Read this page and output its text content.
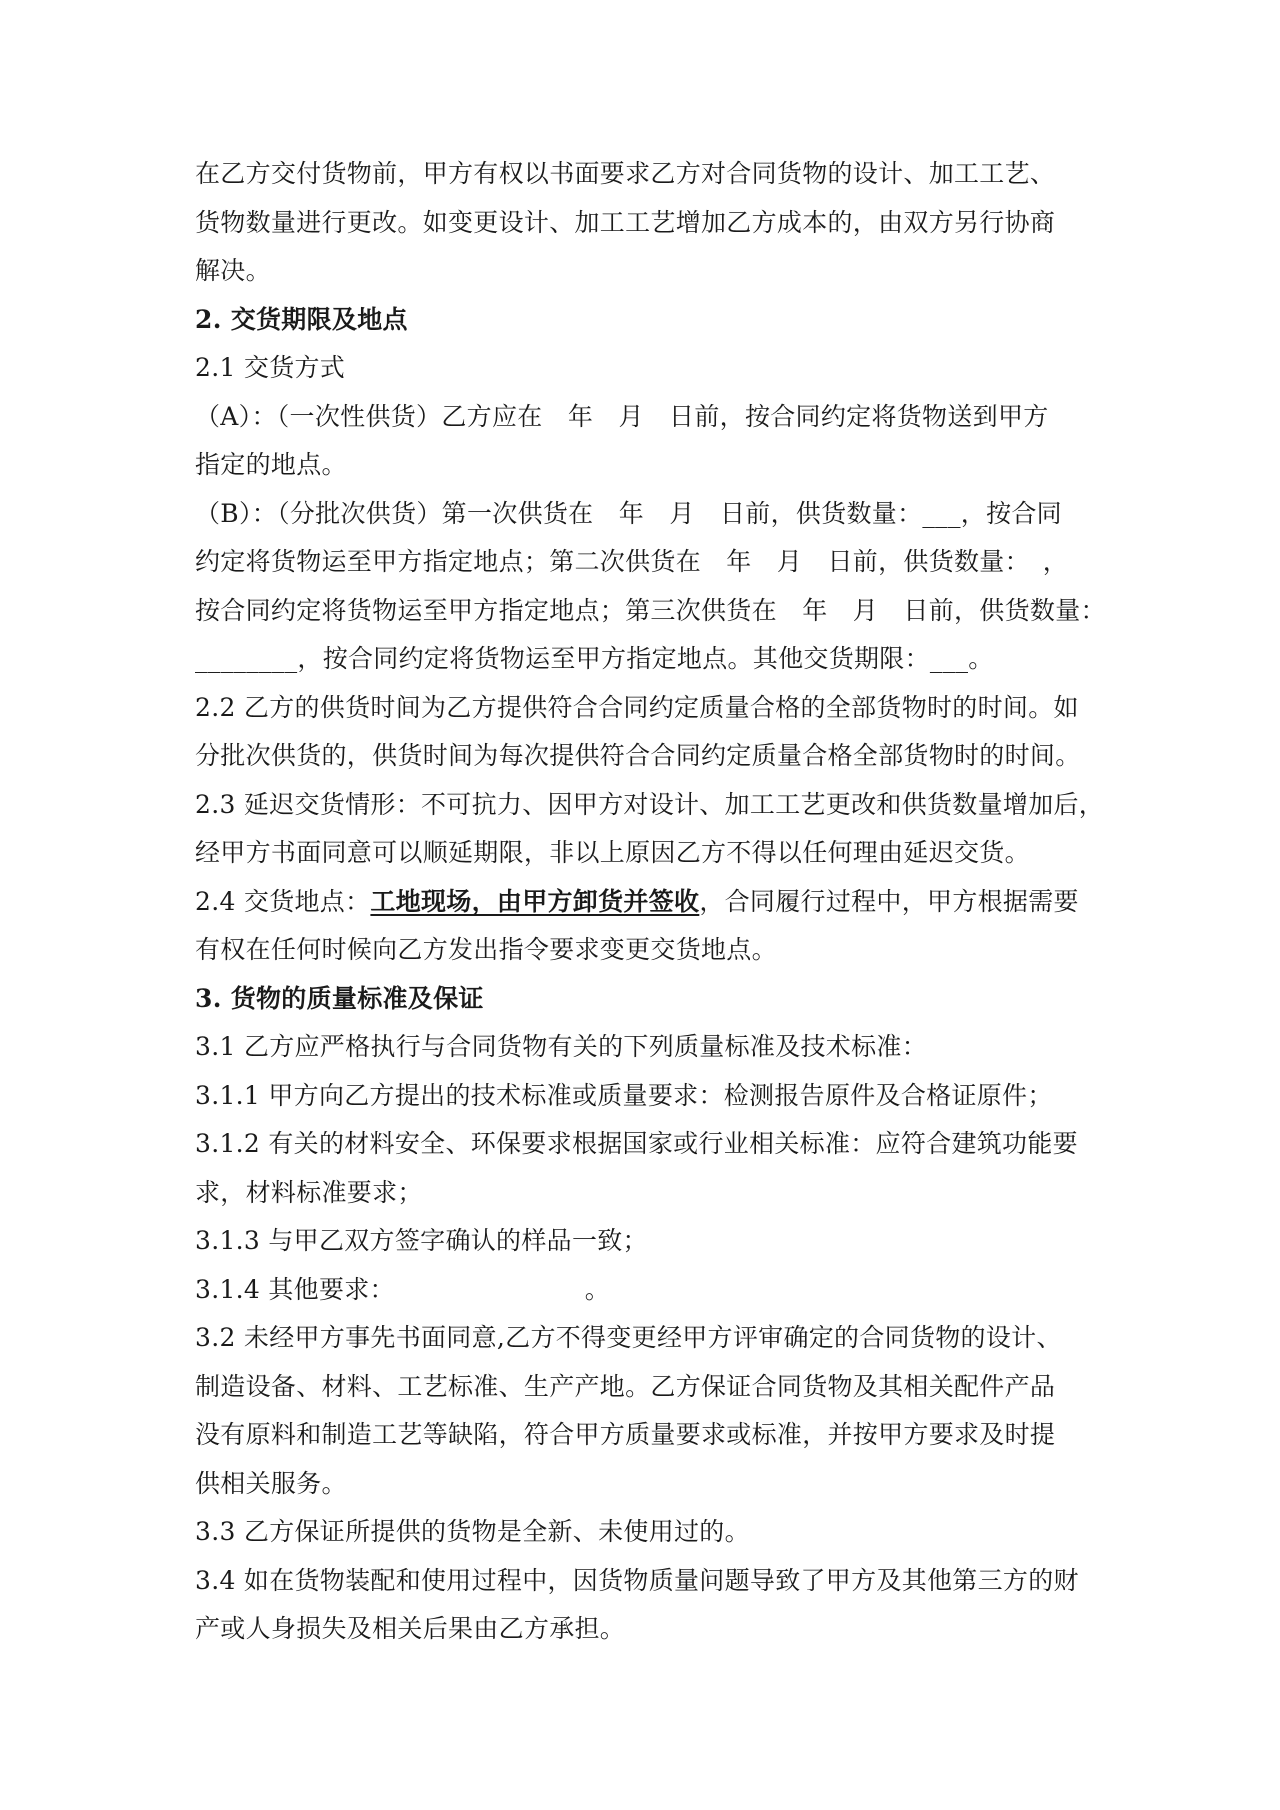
在乙方交付货物前，甲方有权以书面要求乙方对合同货物的设计、加工工艺、
货物数量进行更改。如变更设计、加工工艺增加乙方成本的，由双方另行协商
解决。
2. 交货期限及地点
2.1 交货方式
（A）：（一次性供货）乙方应在　年　月　日前，按合同约定将货物送到甲方
指定的地点。
（B）：（分批次供货）第一次供货在　年　月　日前，供货数量：___，按合同
约定将货物运至甲方指定地点；第二次供货在　年　月　日前，供货数量：　，
按合同约定将货物运至甲方指定地点；第三次供货在　年　月　日前，供货数量：
________，按合同约定将货物运至甲方指定地点。其他交货期限：___。
2.2 乙方的供货时间为乙方提供符合合同约定质量合格的全部货物时的时间。如
分批次供货的，供货时间为每次提供符合合同约定质量合格全部货物时的时间。
2.3 延迟交货情形：不可抗力、因甲方对设计、加工工艺更改和供货数量增加后，
经甲方书面同意可以顺延期限，非以上原因乙方不得以任何理由延迟交货。
2.4 交货地点：工地现场，由甲方卸货并签收，合同履行过程中，甲方根据需要
有权在任何时候向乙方发出指令要求变更交货地点。
3. 货物的质量标准及保证
3.1 乙方应严格执行与合同货物有关的下列质量标准及技术标准：
3.1.1 甲方向乙方提出的技术标准或质量要求：检测报告原件及合格证原件；
3.1.2 有关的材料安全、环保要求根据国家或行业相关标准：应符合建筑功能要
求，材料标准要求；
3.1.3 与甲乙双方签字确认的样品一致；
3.1.4 其他要求：　　　　　　　　。
3.2 未经甲方事先书面同意,乙方不得变更经甲方评审确定的合同货物的设计、
制造设备、材料、工艺标准、生产产地。乙方保证合同货物及其相关配件产品
没有原料和制造工艺等缺陷，符合甲方质量要求或标准，并按甲方要求及时提
供相关服务。
3.3 乙方保证所提供的货物是全新、未使用过的。
3.4 如在货物装配和使用过程中，因货物质量问题导致了甲方及其他第三方的财
产或人身损失及相关后果由乙方承担。
